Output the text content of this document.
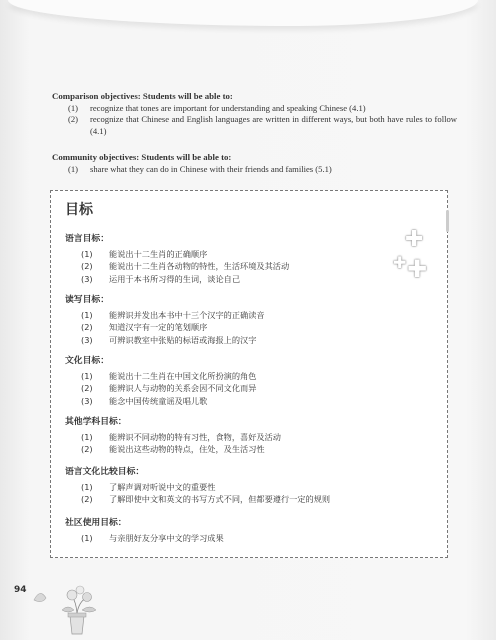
Comparison objectives: Students will be able to:
(1)	recognize that tones are important for understanding and speaking Chinese (4.1)
(2)	recognize that Chinese and English languages are written in different ways, but both have rules to follow (4.1)
Community objectives: Students will be able to:
(1)	share what they can do in Chinese with their friends and families (5.1)
目标
✚
✚ ✚
语言目标：
(1)	能说出十二生肖的正确顺序
(2)	能说出十二生肖各动物的特性，生活环境及其活动
(3)	运用于本书所习得的生词，谈论自己
读写目标：
(1)	能辨识并发出本书中十三个汉字的正确读音
(2)	知道汉字有一定的笔划顺序
(3)	可辨识教室中张贴的标语或海报上的汉字
文化目标：
(1)	能说出十二生肖在中国文化所扮演的角色
(2)	能辨识人与动物的关系会因不同文化而异
(3)	能念中国传统童谣及唱儿歌
其他学科目标：
(1)	能辨识不同动物的特有习性，食物，喜好及活动
(2)	能说出这些动物的特点，住处，及生活习性
语言文化比较目标：
(1)	了解声调对听说中文的重要性
(2)	了解即使中文和英文的书写方式不同，但都要遵行一定的规则
社区使用目标：
(1)	与亲朋好友分享中文的学习成果
94
